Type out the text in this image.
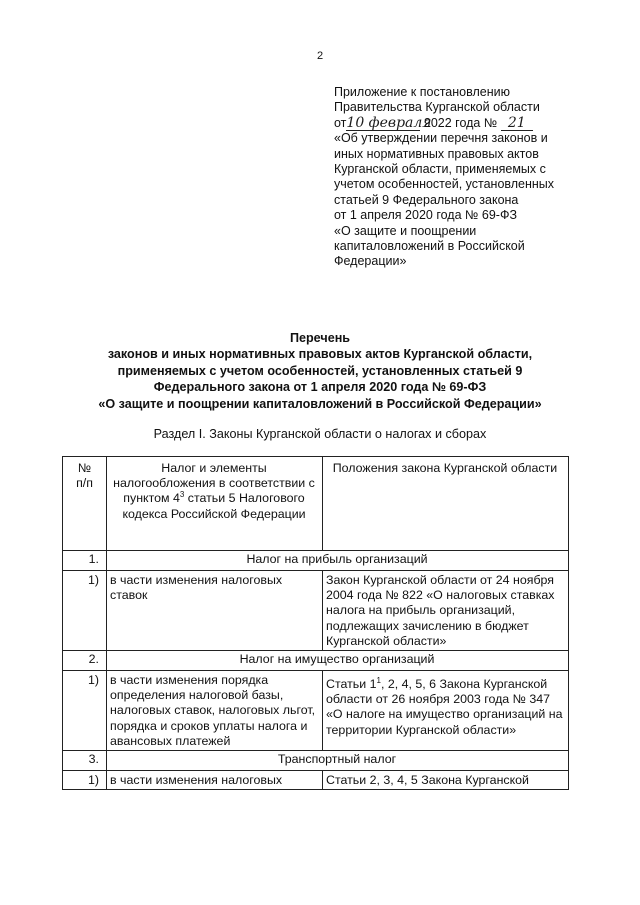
2
Приложение к постановлению
Правительства Курганской области
от10 февраля 2022 года № 21
«Об утверждении перечня законов и
иных нормативных правовых актов
Курганской области, применяемых с
учетом особенностей, установленных
статьей 9 Федерального закона
от 1 апреля 2020 года № 69-ФЗ
«О защите и поощрении
капиталовложений в Российской
Федерации»
Перечень
законов и иных нормативных правовых актов Курганской области,
применяемых с учетом особенностей, установленных статьей 9
Федерального закона от 1 апреля 2020 года № 69-ФЗ
«О защите и поощрении капиталовложений в Российской Федерации»
Раздел I. Законы Курганской области о налогах и сборах
№
п/п	Налог и элементы налогообложения в соответствии с пунктом $4^3$ статьи 5 Налогового кодекса Российской Федерации	Положения закона Курганской области
1.	Налог на прибыль организаций	
1)	в части изменения налоговых ставок	Закон Курганской области от 24 ноября 2004 года № 822 «О налоговых ставках налога на прибыль организаций, подлежащих зачислению в бюджет Курганской области»
2.	Налог на имущество организаций	
1)	в части изменения порядка определения налоговой базы, налоговых ставок, налоговых льгот, порядка и сроков уплаты налога и авансовых платежей	Статьи $1^1$, 2, 4, 5, 6 Закона Курганской области от 26 ноября 2003 года № 347 «О налоге на имущество организаций на территории Курганской области»
3.	Транспортный налог	
1)	в части изменения налоговых	Статьи 2, 3, 4, 5 Закона Курганской
